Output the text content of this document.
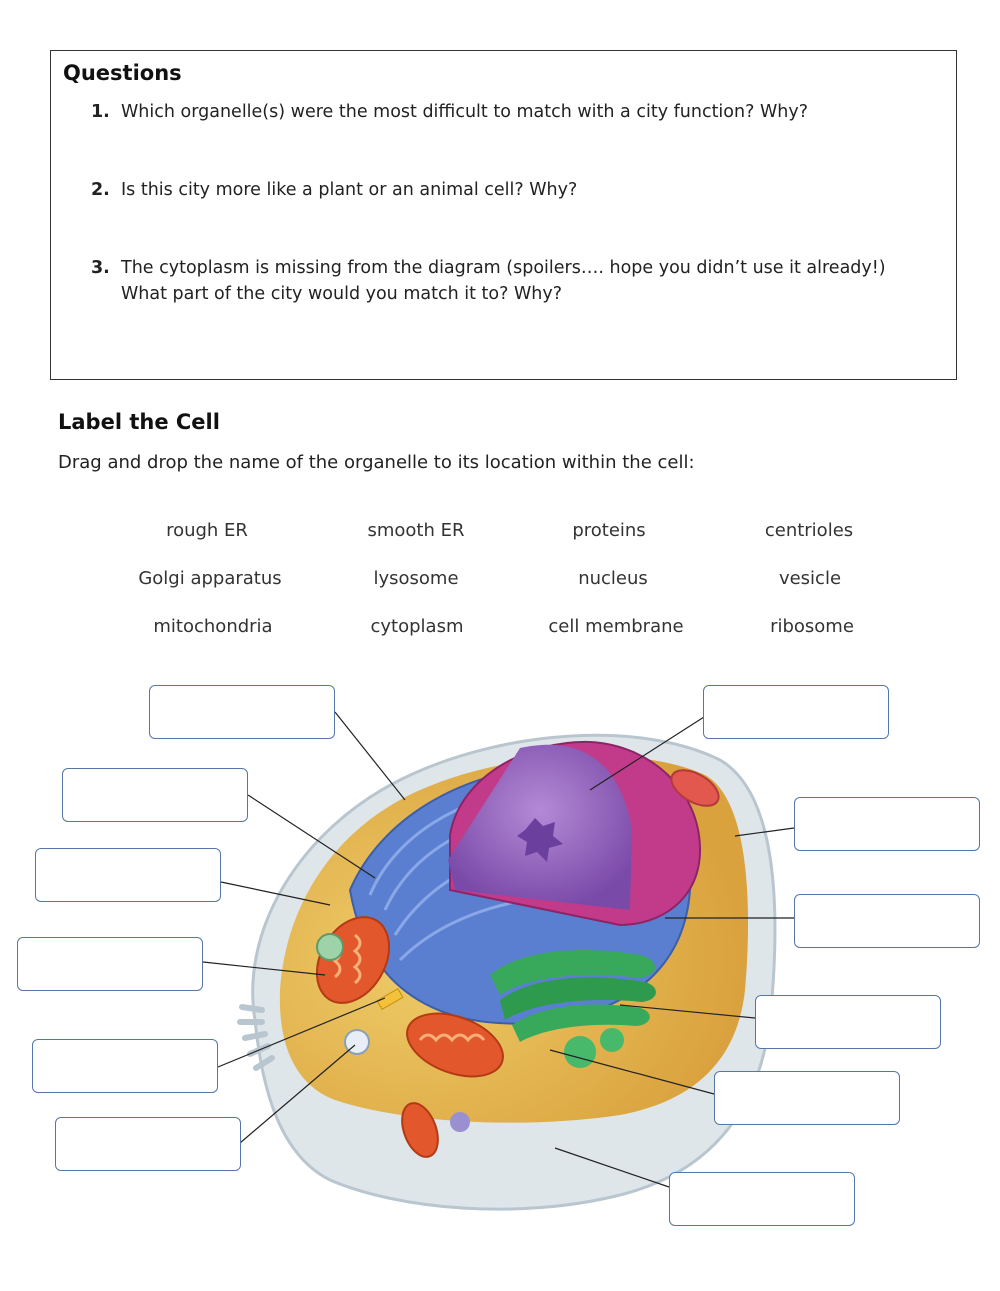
Questions
1. Which organelle(s) were the most difficult to match with a city function? Why?
2. Is this city more like a plant or an animal cell? Why?
3. The cytoplasm is missing from the diagram (spoilers…. hope you didn’t use it already!) What part of the city would you match it to? Why?
Label the Cell
Drag and drop the name of the organelle to its location within the cell:
rough ER	smooth ER	proteins	centrioles
Golgi apparatus	lysosome	nucleus	vesicle
mitochondria	cytoplasm	cell membrane	ribosome
